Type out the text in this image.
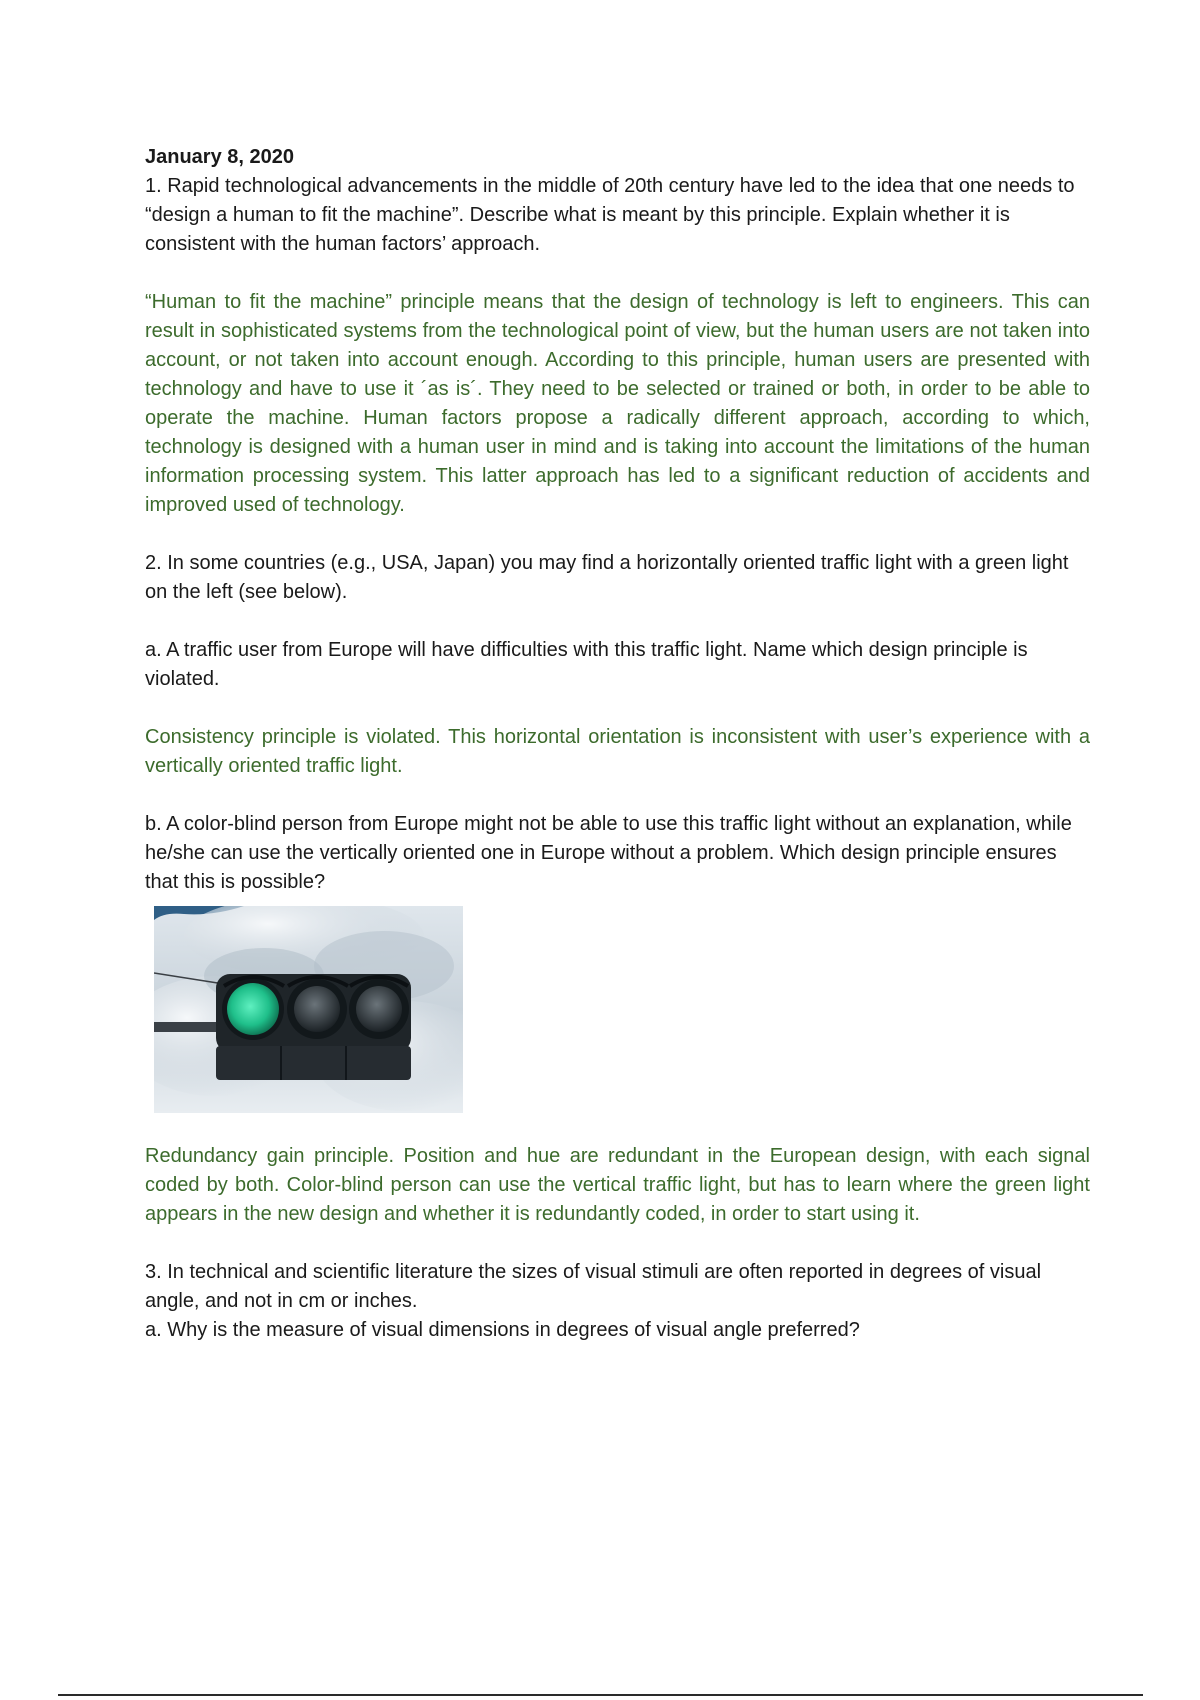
January 8, 2020

1. Rapid technological advancements in the middle of 20th century have led to the idea that one needs to “design a human to fit the machine”. Describe what is meant by this principle. Explain whether it is consistent with the human factors’ approach.

“Human to fit the machine” principle means that the design of technology is left to engineers. This can result in sophisticated systems from the technological point of view, but the human users are not taken into account, or not taken into account enough. According to this principle, human users are presented with technology and have to use it ´as is´. They need to be selected or trained or both, in order to be able to operate the machine. Human factors propose a radically different approach, according to which, technology is designed with a human user in mind and is taking into account the limitations of the human information processing system. This latter approach has led to a significant reduction of accidents and improved used of technology.

2. In some countries (e.g., USA, Japan) you may find a horizontally oriented traffic light with a green light on the left (see below).

a. A traffic user from Europe will have difficulties with this traffic light. Name which design principle is violated.

Consistency principle is violated. This horizontal orientation is inconsistent with user’s experience with a vertically oriented traffic light.

b. A color-blind person from Europe might not be able to use this traffic light without an explanation, while he/she can use the vertically oriented one in Europe without a problem. Which design principle ensures that this is possible?

Redundancy gain principle. Position and hue are redundant in the European design, with each signal coded by both. Color-blind person can use the vertical traffic light, but has to learn where the green light appears in the new design and whether it is redundantly coded, in order to start using it.

3. In technical and scientific literature the sizes of visual stimuli are often reported in degrees of visual angle, and not in cm or inches.

a. Why is the measure of visual dimensions in degrees of visual angle preferred?
